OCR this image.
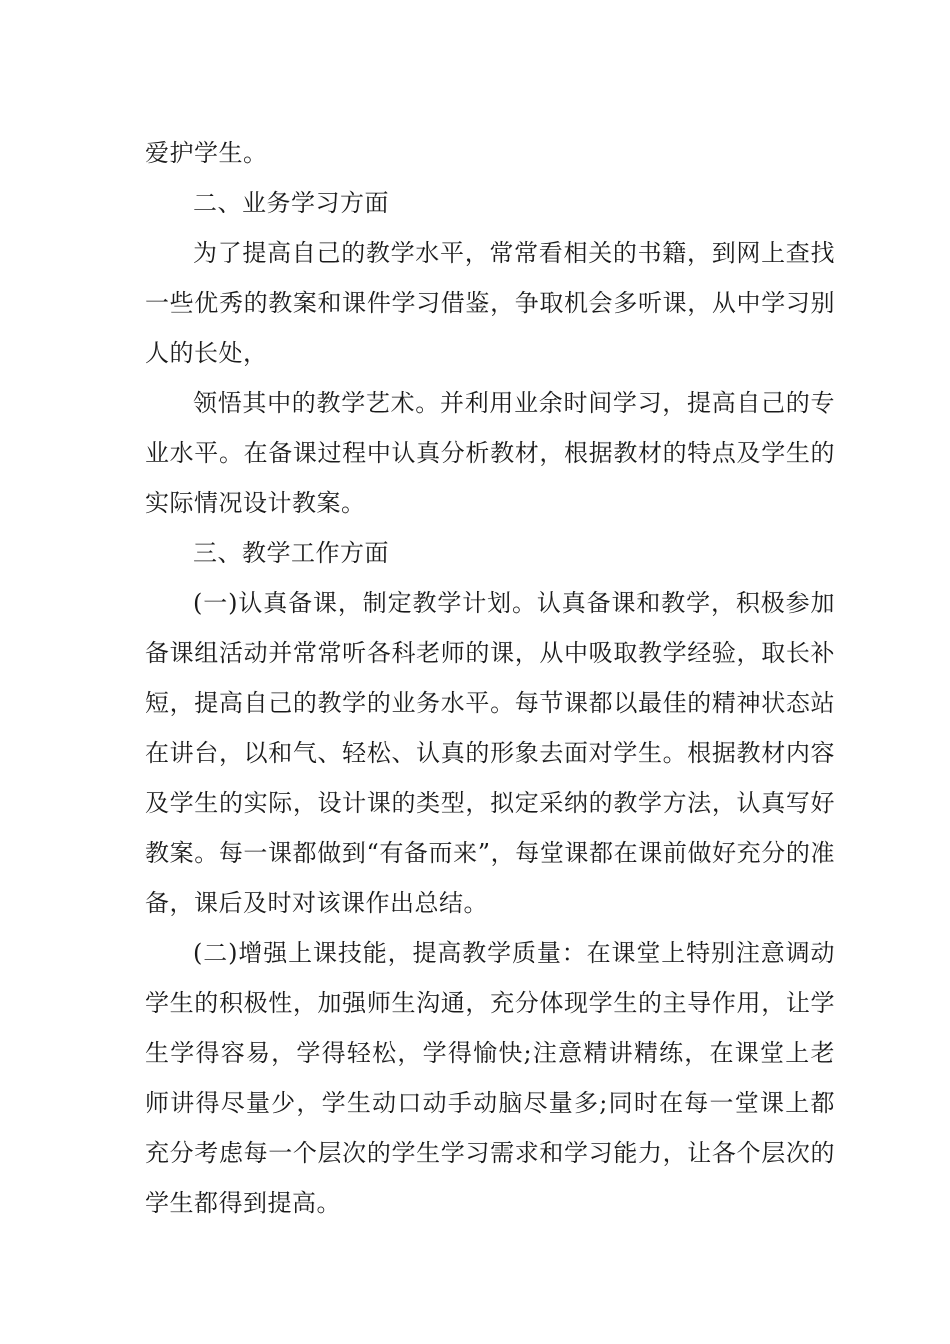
爱护学生。

二、业务学习方面

为了提高自己的教学水平，常常看相关的书籍，到网上查找一些优秀的教案和课件学习借鉴，争取机会多听课，从中学习别人的长处，

领悟其中的教学艺术。并利用业余时间学习，提高自己的专业水平。在备课过程中认真分析教材，根据教材的特点及学生的实际情况设计教案。

三、教学工作方面

(一)认真备课，制定教学计划。认真备课和教学，积极参加备课组活动并常常听各科老师的课，从中吸取教学经验，取长补短，提高自己的教学的业务水平。每节课都以最佳的精神状态站在讲台，以和气、轻松、认真的形象去面对学生。根据教材内容及学生的实际，设计课的类型，拟定采纳的教学方法，认真写好教案。每一课都做到“有备而来”，每堂课都在课前做好充分的准备，课后及时对该课作出总结。

(二)增强上课技能，提高教学质量：在课堂上特别注意调动学生的积极性，加强师生沟通，充分体现学生的主导作用，让学生学得容易，学得轻松，学得愉快;注意精讲精练，在课堂上老师讲得尽量少，学生动口动手动脑尽量多;同时在每一堂课上都充分考虑每一个层次的学生学习需求和学习能力，让各个层次的学生都得到提高。
